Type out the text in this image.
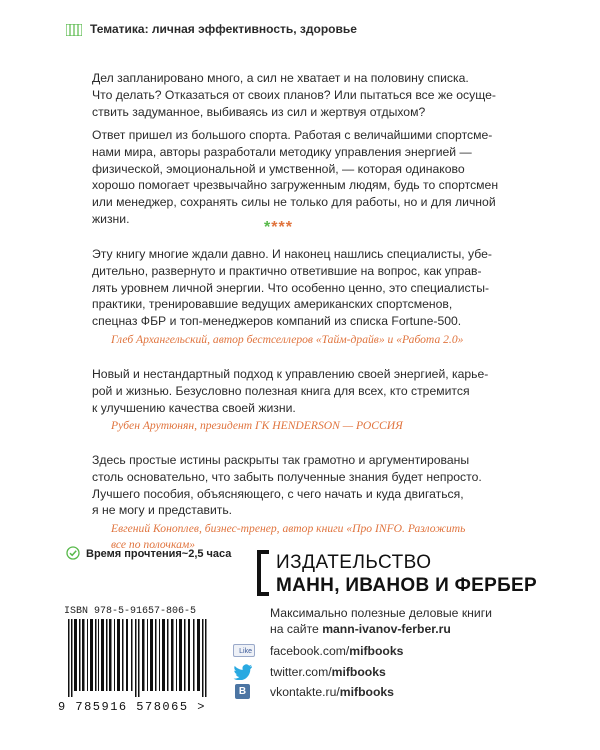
Тематика: личная эффективность, здоровье

Дел запланировано много, а сил не хватает и на половину списка.
Что делать? Отказаться от своих планов? Или пытаться все же осуще-
ствить задуманное, выбиваясь из сил и жертвуя отдыхом?

Ответ пришел из большого спорта. Работая с величайшими спортсме-
нами мира, авторы разработали методику управления энергией —
физической, эмоциональной и умственной, — которая одинаково
хорошо помогает чрезвычайно загруженным людям, будь то спортсмен
или менеджер, сохранять силы не только для работы, но и для личной
жизни.

****

Эту книгу многие ждали давно. И наконец нашлись специалисты, убе-
дительно, развернуто и практично ответившие на вопрос, как управ-
лять уровнем личной энергии. Что особенно ценно, это специалисты-
практики, тренировавшие ведущих американских спортсменов,
спецназ ФБР и топ-менеджеров компаний из списка Fortune-500.

Глеб Архангельский, автор бестселлеров «Тайм-драйв» и «Работа 2.0»

Новый и нестандартный подход к управлению своей энергией, карье-
рой и жизнью. Безусловно полезная книга для всех, кто стремится
к улучшению качества своей жизни.

Рубен Арутюнян, президент ГК HENDERSON — РОССИЯ

Здесь простые истины раскрыты так грамотно и аргументированы
столь основательно, что забыть полученные знания будет непросто.
Лучшего пособия, объясняющего, с чего начать и куда двигаться,
я не могу и представить.

Евгений Коноплев, бизнес-тренер, автор книги «Про INFO. Разложить
все по полочкам»

Время прочтения~2,5 часа ИЗДАТЕЛЬСТВО
МАНН, ИВАНОВ И ФЕРБЕР
Максимально полезные деловые книги
на сайте mann-ivanov-ferber.ru
Like facebook.com/mifbooks
twitter.com/mifbooks
В	vkontakte.ru/mifbooks
ISBN 978-5-91657-806-5
9 785916 578065 >
